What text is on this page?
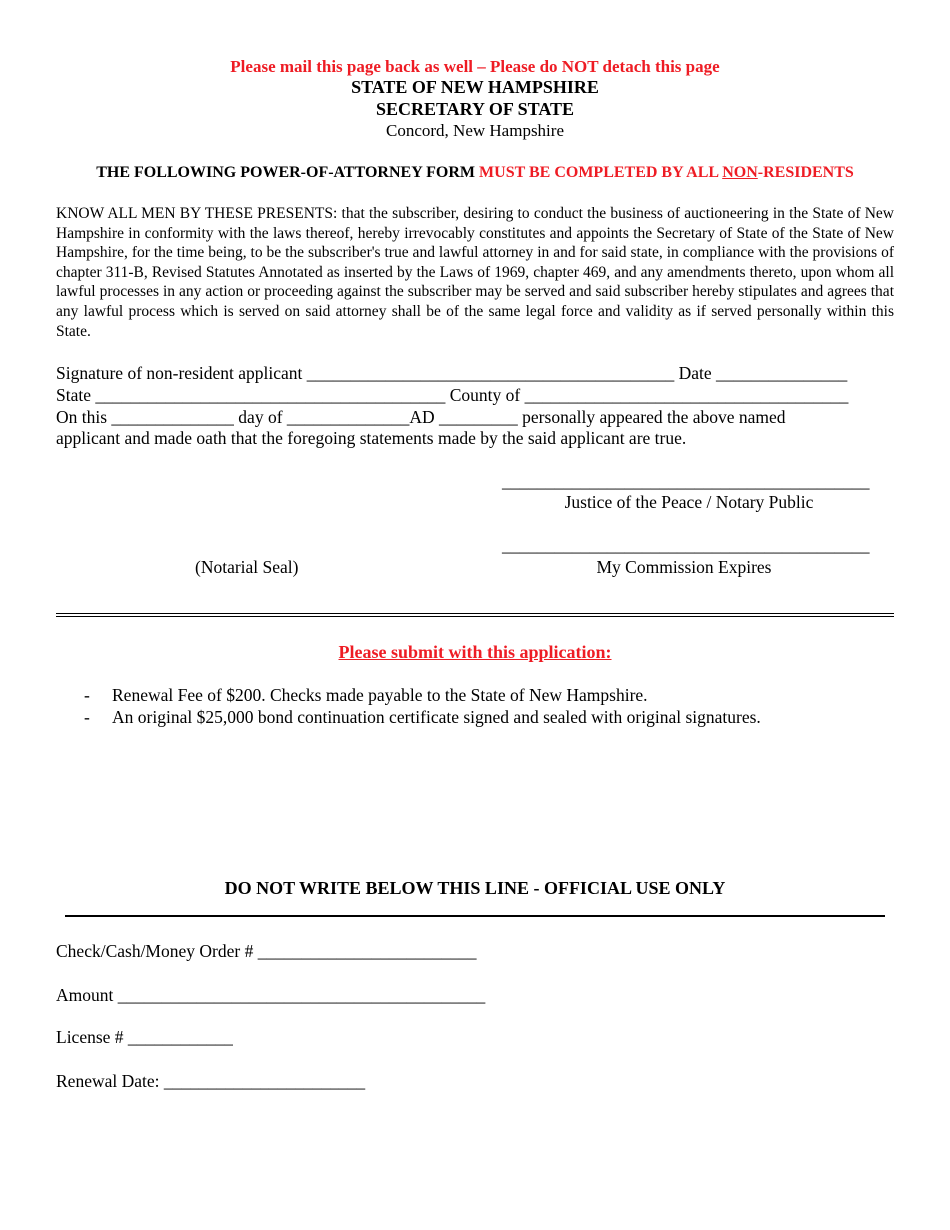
Please mail this page back as well – Please do NOT detach this page
STATE OF NEW HAMPSHIRE
SECRETARY OF STATE
Concord, New Hampshire
THE FOLLOWING POWER-OF-ATTORNEY FORM MUST BE COMPLETED BY ALL NON-RESIDENTS
KNOW ALL MEN BY THESE PRESENTS: that the subscriber, desiring to conduct the business of auctioneering in the State of New Hampshire in conformity with the laws thereof, hereby irrevocably constitutes and appoints the Secretary of State of the State of New Hampshire, for the time being, to be the subscriber's true and lawful attorney in and for said state, in compliance with the provisions of chapter 311-B, Revised Statutes Annotated as inserted by the Laws of 1969, chapter 469, and any amendments thereto, upon whom all lawful processes in any action or proceeding against the subscriber may be served and said subscriber hereby stipulates and agrees that any lawful process which is served on said attorney shall be of the same legal force and validity as if served personally within this State.
Signature of non-resident applicant __________________________________________ Date _______________
State ________________________________________ County of _____________________________________
On this ______________ day of ______________AD _________ personally appeared the above named
applicant and made oath that the foregoing statements made by the said applicant are true.
__________________________________________
Justice of the Peace / Notary Public
__________________________________________
My Commission Expires
(Notarial Seal)
Please submit with this application:
- Renewal Fee of $200. Checks made payable to the State of New Hampshire.
- An original $25,000 bond continuation certificate signed and sealed with original signatures.
DO NOT WRITE BELOW THIS LINE - OFFICIAL USE ONLY
Check/Cash/Money Order # _________________________
Amount __________________________________________
License # ____________
Renewal Date: _______________________
